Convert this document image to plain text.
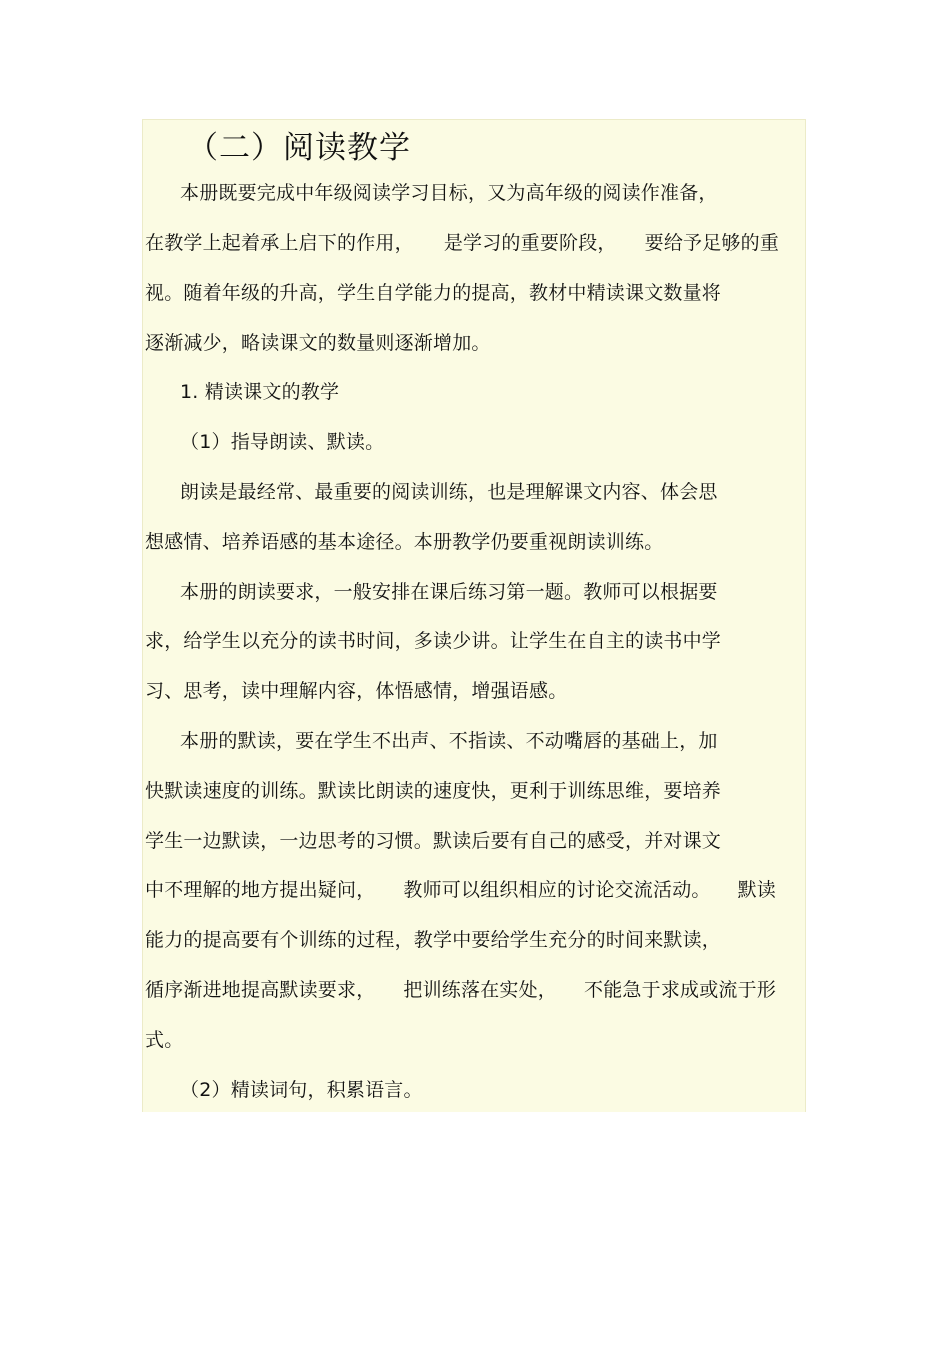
（二）阅读教学
本册既要完成中年级阅读学习目标，又为高年级的阅读作准备，
在教学上起着承上启下的作用， 是学习的重要阶段， 要给予足够的重
视。随着年级的升高，学生自学能力的提高，教材中精读课文数量将
逐渐减少，略读课文的数量则逐渐增加。
1. 精读课文的教学
（1）指导朗读、默读。
朗读是最经常、最重要的阅读训练，也是理解课文内容、体会思
想感情、培养语感的基本途径。本册教学仍要重视朗读训练。
本册的朗读要求，一般安排在课后练习第一题。教师可以根据要
求，给学生以充分的读书时间，多读少讲。让学生在自主的读书中学
习、思考，读中理解内容，体悟感情，增强语感。
本册的默读，要在学生不出声、不指读、不动嘴唇的基础上，加
快默读速度的训练。默读比朗读的速度快，更利于训练思维，要培养
学生一边默读，一边思考的习惯。默读后要有自己的感受，并对课文
中不理解的地方提出疑问， 教师可以组织相应的讨论交流活动。 默读
能力的提高要有个训练的过程，教学中要给学生充分的时间来默读，
循序渐进地提高默读要求， 把训练落在实处， 不能急于求成或流于形
式。
（2）精读词句，积累语言。
